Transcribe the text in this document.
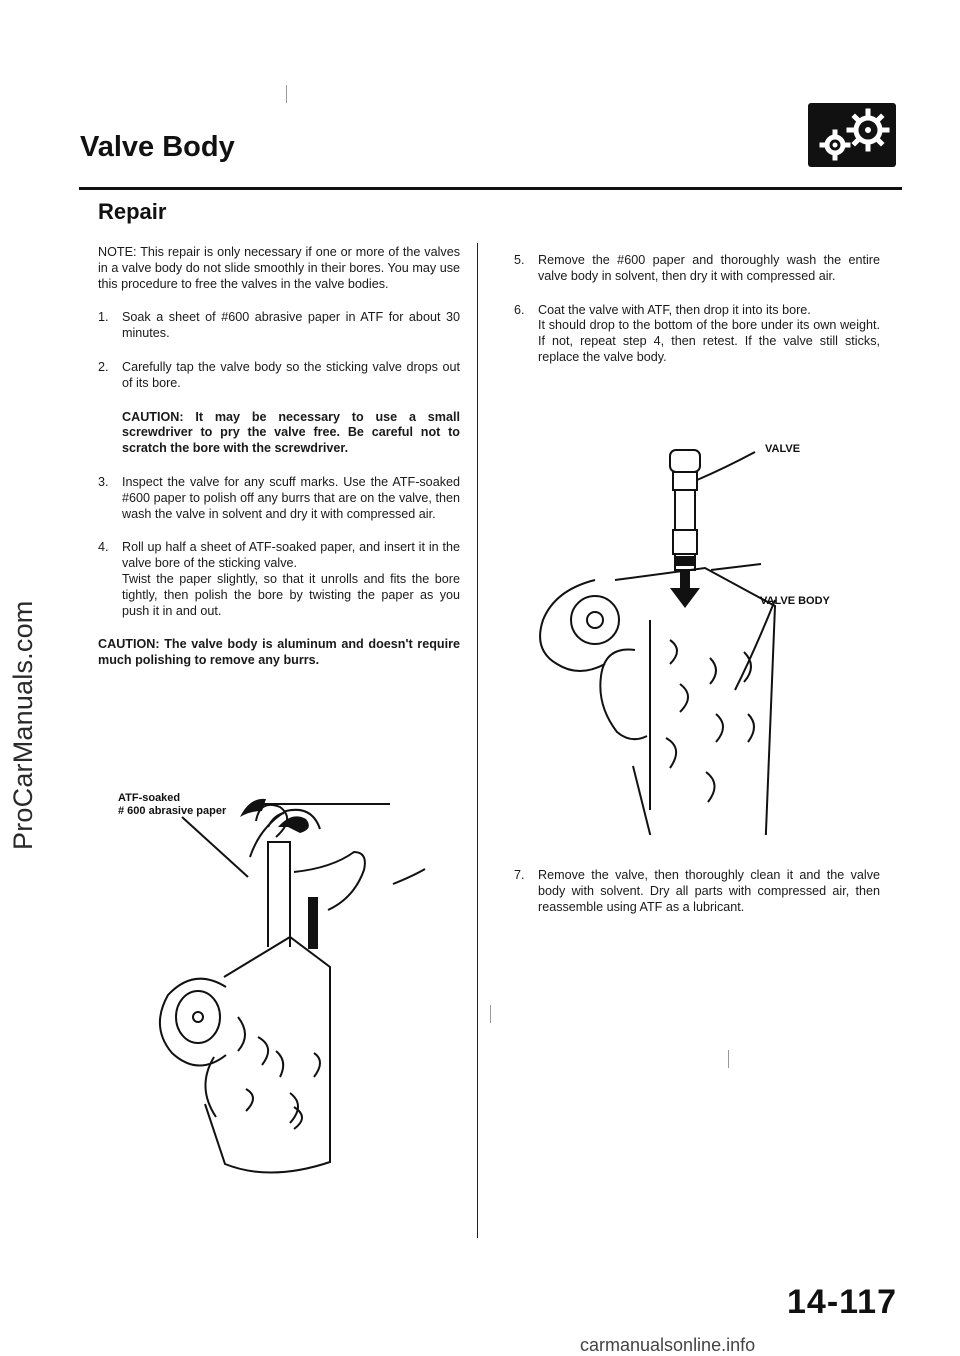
ProCarManuals.com
Valve Body
Repair

NOTE: This repair is only necessary if one or more of the valves in a valve body do not slide smoothly in their bores. You may use this procedure to free the valves in the valve bodies.

1.	Soak a sheet of #600 abrasive paper in ATF for about 30 minutes.
2.	Carefully tap the valve body so the sticking valve drops out of its bore.

CAUTION: It may be necessary to use a small screwdriver to pry the valve free. Be careful not to scratch the bore with the screwdriver.

3.	Inspect the valve for any scuff marks. Use the ATF-soaked #600 paper to polish off any burrs that are on the valve, then wash the valve in solvent and dry it with compressed air.
4.	Roll up half a sheet of ATF-soaked paper, and insert it in the valve bore of the sticking valve.
Twist the paper slightly, so that it unrolls and fits the bore tightly, then polish the bore by twisting the paper as you push it in and out.

CAUTION: The valve body is aluminum and doesn't require much polishing to remove any burrs.

ATF-soaked
# 600 abrasive paper
5.	Remove the #600 paper and thoroughly wash the entire valve body in solvent, then dry it with compressed air.
6.	Coat the valve with ATF, then drop it into its bore.
It should drop to the bottom of the bore under its own weight. If not, repeat step 4, then retest. If the valve still sticks, replace the valve body.
VALVE
VALVE BODY
7.	Remove the valve, then thoroughly clean it and the valve body with solvent. Dry all parts with compressed air, then reassemble using ATF as a lubricant.
14-117
carmanualsonline.info
